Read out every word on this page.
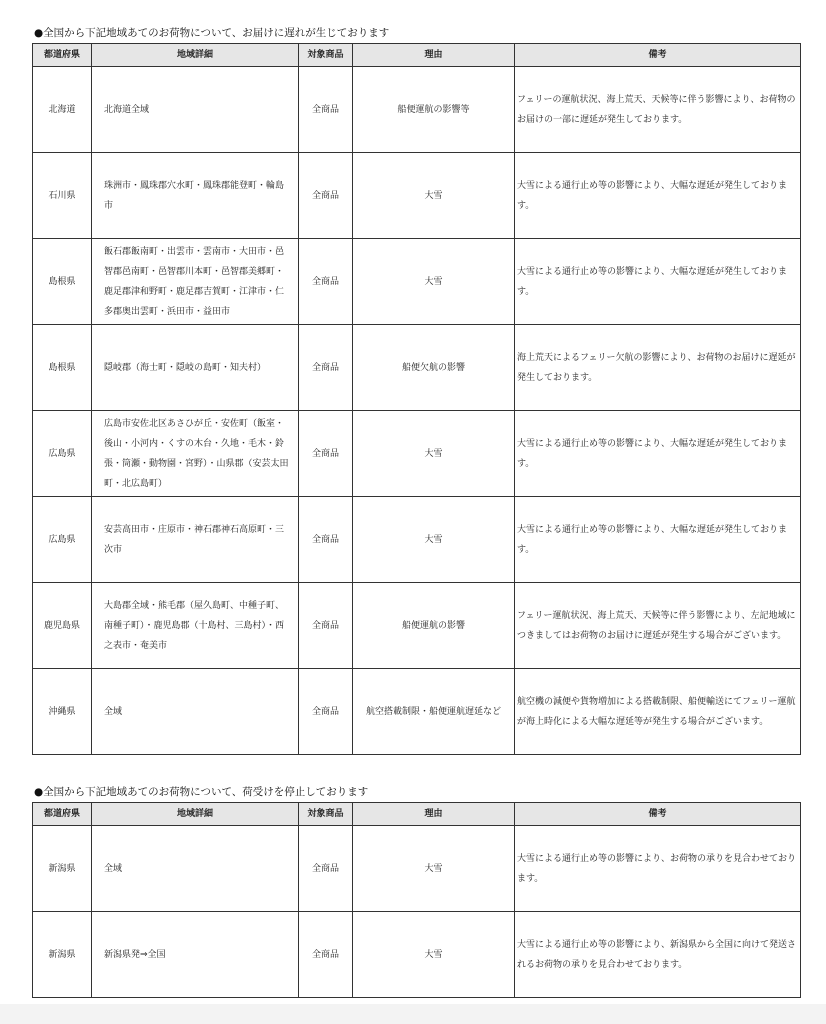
●全国から下記地域あてのお荷物について、お届けに遅れが生じております
都道府県	地域詳細	対象商品	理由	備考
北海道	北海道全域	全商品	船便運航の影響等	フェリーの運航状況、海上荒天、天候等に伴う影響により、お荷物のお届けの一部に遅延が発生しております。
石川県	珠洲市・鳳珠郡穴水町・鳳珠郡能登町・輪島市	全商品	大雪	大雪による通行止め等の影響により、大幅な遅延が発生しております。
島根県	飯石郡飯南町・出雲市・雲南市・大田市・邑智郡邑南町・邑智郡川本町・邑智郡美郷町・鹿足郡津和野町・鹿足郡吉賀町・江津市・仁多郡奥出雲町・浜田市・益田市	全商品	大雪	大雪による通行止め等の影響により、大幅な遅延が発生しております。
島根県	隠岐郡（海士町・隠岐の島町・知夫村）	全商品	船便欠航の影響	海上荒天によるフェリー欠航の影響により、お荷物のお届けに遅延が発生しております。
広島県	広島市安佐北区あさひが丘・安佐町（飯室・後山・小河内・くすの木台・久地・毛木・鈴張・筒瀬・動物園・宮野）・山県郡（安芸太田町・北広島町）	全商品	大雪	大雪による通行止め等の影響により、大幅な遅延が発生しております。
広島県	安芸高田市・庄原市・神石郡神石高原町・三次市	全商品	大雪	大雪による通行止め等の影響により、大幅な遅延が発生しております。
鹿児島県	大島郡全域・熊毛郡（屋久島町、中種子町、南種子町）・鹿児島郡（十島村、三島村）・西之表市・奄美市	全商品	船便運航の影響	フェリー運航状況、海上荒天、天候等に伴う影響により、左記地域につきましてはお荷物のお届けに遅延が発生する場合がございます。
沖縄県	全域	全商品	航空搭載制限・船便運航遅延など	航空機の減便や貨物増加による搭載制限、船便輸送にてフェリー運航が海上時化による大幅な遅延等が発生する場合がございます。
●全国から下記地域あてのお荷物について、荷受けを停止しております
都道府県	地域詳細	対象商品	理由	備考
新潟県	全域	全商品	大雪	大雪による通行止め等の影響により、お荷物の承りを見合わせております。
新潟県	新潟県発⇒全国	全商品	大雪	大雪による通行止め等の影響により、新潟県から全国に向けて発送されるお荷物の承りを見合わせております。
